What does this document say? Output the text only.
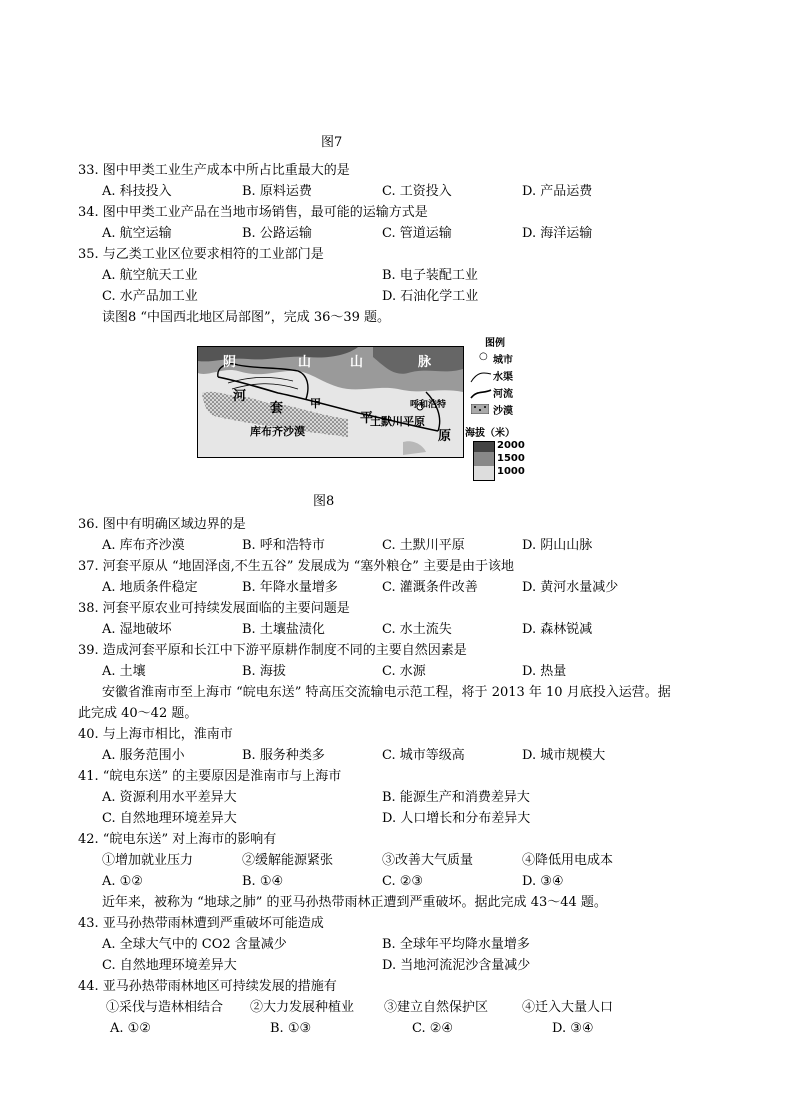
图7
33. 图中甲类工业生产成本中所占比重最大的是
A. 科技投入	B. 原料运费	C. 工资投入	D. 产品运费
34. 图中甲类工业产品在当地市场销售，最可能的运输方式是
A. 航空运输	B. 公路运输	C. 管道运输	D. 海洋运输
35. 与乙类工业区位要求相符的工业部门是
A. 航空航天工业	B. 电子装配工业
C. 水产品加工业	D. 石油化学工业
读图8 “中国西北地区局部图”，完成 36～39 题。
阴	山	山	脉
河
套
平
原
甲
库布齐沙漠
土默川平原
呼和浩特
图例
○ 城市
水渠
河流
沙漠
海拔（米）
2000
1500
1000
图8
36. 图中有明确区域边界的是
A. 库布齐沙漠	B. 呼和浩特市	C. 土默川平原	D. 阴山山脉
37. 河套平原从 “地固泽卤,不生五谷” 发展成为 “塞外粮仓” 主要是由于该地
A. 地质条件稳定	B. 年降水量增多	C. 灌溉条件改善	D. 黄河水量减少
38. 河套平原农业可持续发展面临的主要问题是
A. 湿地破坏	B. 土壤盐渍化	C. 水土流失	D. 森林锐减
39. 造成河套平原和长江中下游平原耕作制度不同的主要自然因素是
A. 土壤	B. 海拔	C. 水源	D. 热量
安徽省淮南市至上海市 “皖电东送” 特高压交流输电示范工程，将于 2013 年 10 月底投入运营。据
此完成 40～42 题。
40. 与上海市相比，淮南市
A. 服务范围小	B. 服务种类多	C. 城市等级高	D. 城市规模大
41. “皖电东送” 的主要原因是淮南市与上海市
A. 资源利用水平差异大	B. 能源生产和消费差异大
C. 自然地理环境差异大	D. 人口增长和分布差异大
42. “皖电东送” 对上海市的影响有
①增加就业压力	②缓解能源紧张	③改善大气质量	④降低用电成本
A. ①②	B. ①④	C. ②③	D. ③④
近年来，被称为 “地球之肺” 的亚马孙热带雨林正遭到严重破坏。据此完成 43～44 题。
43. 亚马孙热带雨林遭到严重破坏可能造成
A. 全球大气中的 CO2 含量减少	B. 全球年平均降水量增多
C. 自然地理环境差异大	D. 当地河流泥沙含量减少
44. 亚马孙热带雨林地区可持续发展的措施有
①采伐与造林相结合 ②大力发展种植业 ③建立自然保护区	④迁入大量人口
A. ①②	B. ①③	C. ②④	D. ③④
